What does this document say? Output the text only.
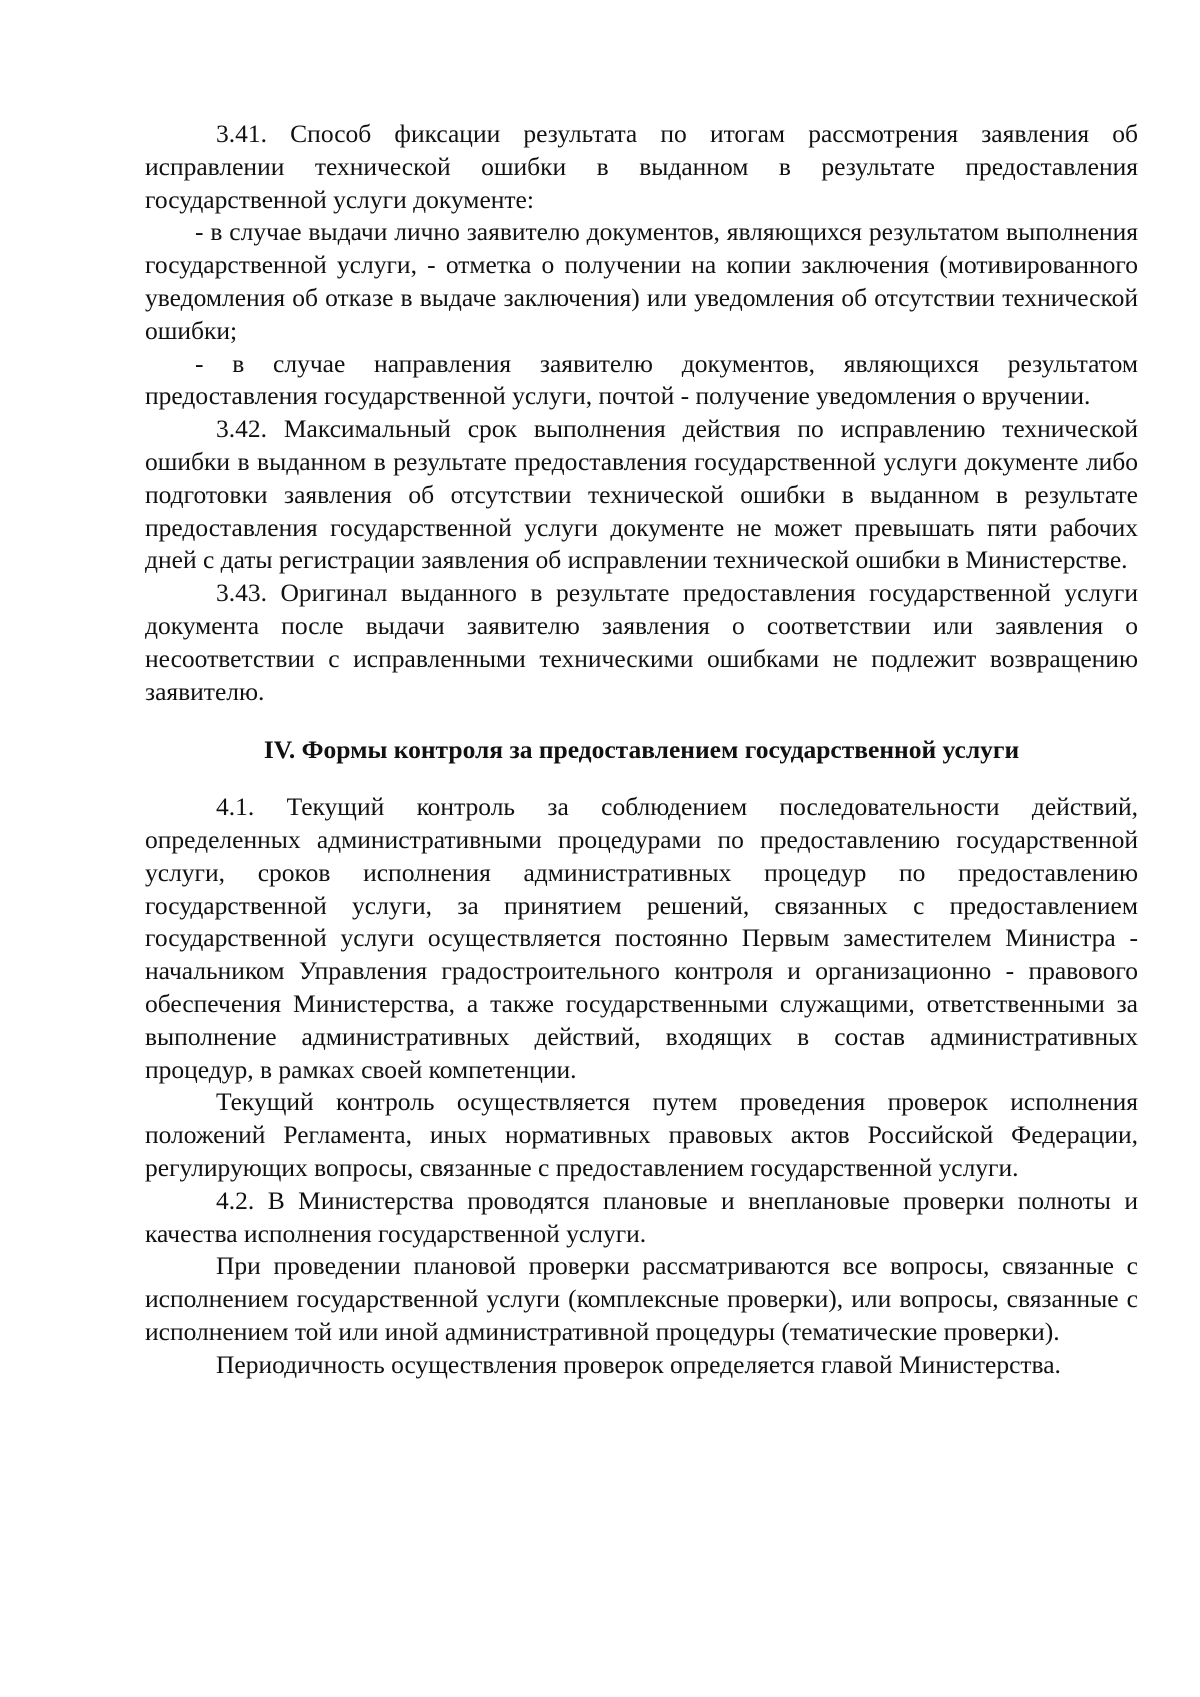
3.41. Способ фиксации результата по итогам рассмотрения заявления об исправлении технической ошибки в выданном в результате предоставления государственной услуги документе:

- в случае выдачи лично заявителю документов, являющихся результатом выполнения государственной услуги, - отметка о получении на копии заключения (мотивированного уведомления об отказе в выдаче заключения) или уведомления об отсутствии технической ошибки;

- в случае направления заявителю документов, являющихся результатом предоставления государственной услуги, почтой - получение уведомления о вручении.

3.42. Максимальный срок выполнения действия по исправлению технической ошибки в выданном в результате предоставления государственной услуги документе либо подготовки заявления об отсутствии технической ошибки в выданном в результате предоставления государственной услуги документе не может превышать пяти рабочих дней с даты регистрации заявления об исправлении технической ошибки в Министерстве.

3.43. Оригинал выданного в результате предоставления государственной услуги документа после выдачи заявителю заявления о соответствии или заявления о несоответствии с исправленными техническими ошибками не подлежит возвращению заявителю.

IV. Формы контроля за предоставлением государственной услуги

4.1. Текущий контроль за соблюдением последовательности действий, определенных административными процедурами по предоставлению государственной услуги, сроков исполнения административных процедур по предоставлению государственной услуги, за принятием решений, связанных с предоставлением государственной услуги осуществляется постоянно Первым заместителем Министра - начальником Управления градостроительного контроля и организационно - правового обеспечения Министерства, а также государственными служащими, ответственными за выполнение административных действий, входящих в состав административных процедур, в рамках своей компетенции.

Текущий контроль осуществляется путем проведения проверок исполнения положений Регламента, иных нормативных правовых актов Российской Федерации, регулирующих вопросы, связанные с предоставлением государственной услуги.

4.2. В Министерства проводятся плановые и внеплановые проверки полноты и качества исполнения государственной услуги.

При проведении плановой проверки рассматриваются все вопросы, связанные с исполнением государственной услуги (комплексные проверки), или вопросы, связанные с исполнением той или иной административной процедуры (тематические проверки).

Периодичность осуществления проверок определяется главой Министерства.
